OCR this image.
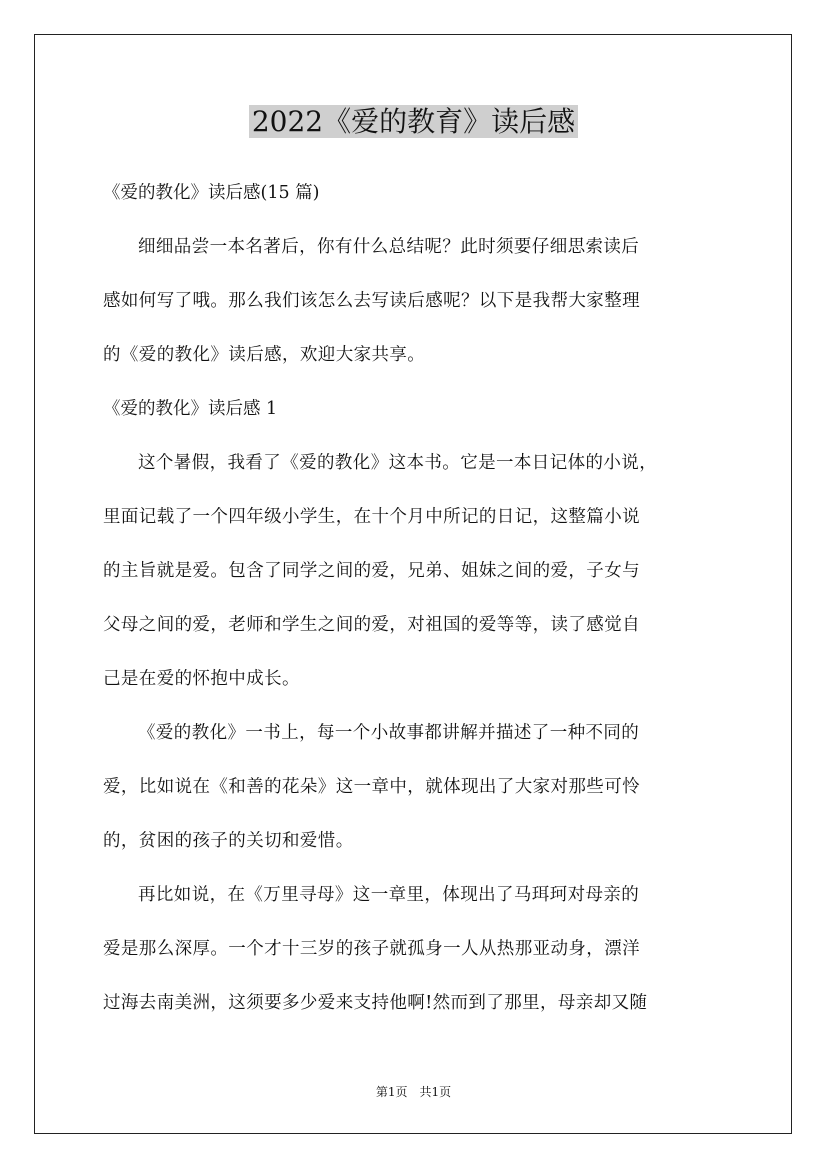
2022《爱的教育》读后感
《爱的教化》读后感(15 篇)
细细品尝一本名著后，你有什么总结呢？此时须要仔细思索读后
感如何写了哦。那么我们该怎么去写读后感呢？以下是我帮大家整理
的《爱的教化》读后感，欢迎大家共享。
《爱的教化》读后感 1
这个暑假，我看了《爱的教化》这本书。它是一本日记体的小说，
里面记载了一个四年级小学生，在十个月中所记的日记，这整篇小说
的主旨就是爱。包含了同学之间的爱，兄弟、姐妹之间的爱，子女与
父母之间的爱，老师和学生之间的爱，对祖国的爱等等，读了感觉自
己是在爱的怀抱中成长。
《爱的教化》一书上，每一个小故事都讲解并描述了一种不同的
爱，比如说在《和善的花朵》这一章中，就体现出了大家对那些可怜
的，贫困的孩子的关切和爱惜。
再比如说，在《万里寻母》这一章里，体现出了马珥珂对母亲的
爱是那么深厚。一个才十三岁的孩子就孤身一人从热那亚动身，漂洋
过海去南美洲，这须要多少爱来支持他啊!然而到了那里，母亲却又随
第1页　共1页
